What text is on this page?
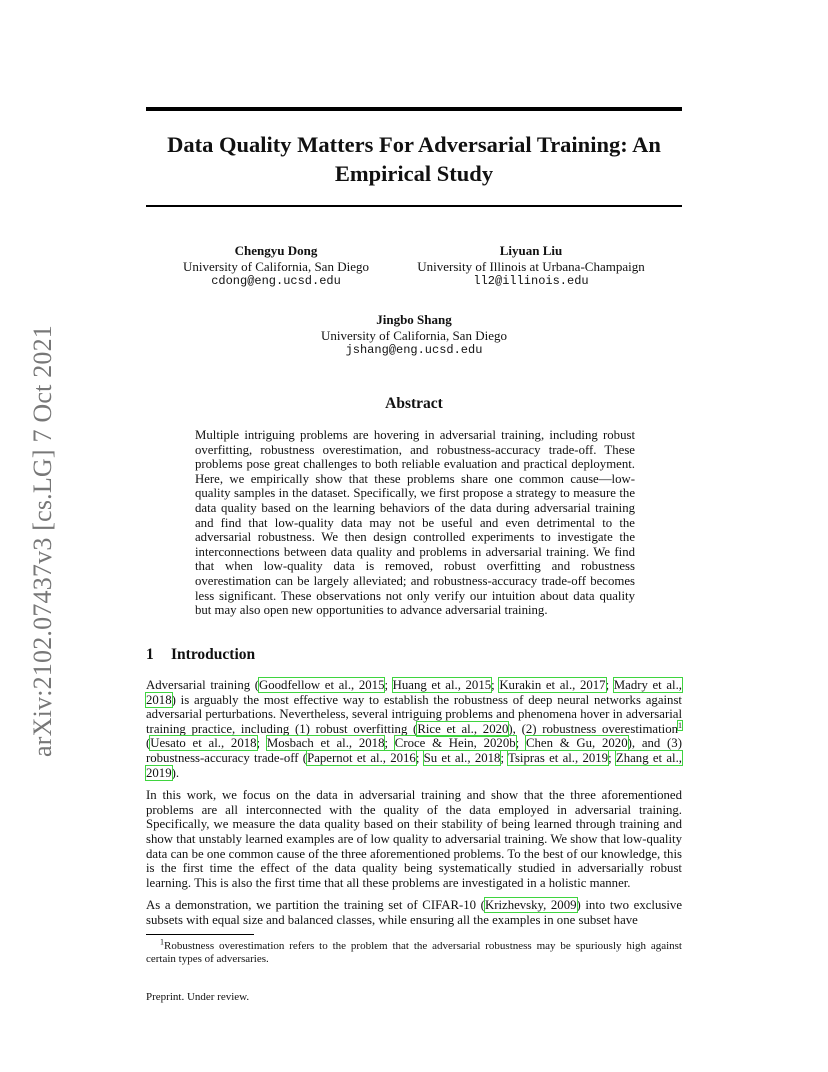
arXiv:2102.07437v3 [cs.LG] 7 Oct 2021
Data Quality Matters For Adversarial Training: An Empirical Study
Chengyu Dong
University of California, San Diego
cdong@eng.ucsd.edu
Liyuan Liu
University of Illinois at Urbana-Champaign
ll2@illinois.edu
Jingbo Shang
University of California, San Diego
jshang@eng.ucsd.edu
Abstract

Multiple intriguing problems are hovering in adversarial training, including robust overfitting, robustness overestimation, and robustness-accuracy trade-off. These problems pose great challenges to both reliable evaluation and practical deployment. Here, we empirically show that these problems share one common cause—low-quality samples in the dataset. Specifically, we first propose a strategy to measure the data quality based on the learning behaviors of the data during adversarial training and find that low-quality data may not be useful and even detrimental to the adversarial robustness. We then design controlled experiments to investigate the interconnections between data quality and problems in adversarial training. We find that when low-quality data is removed, robust overfitting and robustness overestimation can be largely alleviated; and robustness-accuracy trade-off becomes less significant. These observations not only verify our intuition about data quality but may also open new opportunities to advance adversarial training.

1 Introduction

Adversarial training (Goodfellow et al., 2015; Huang et al., 2015; Kurakin et al., 2017; Madry et al., 2018) is arguably the most effective way to establish the robustness of deep neural networks against adversarial perturbations. Nevertheless, several intriguing problems and phenomena hover in adversarial training practice, including (1) robust overfitting (Rice et al., 2020), (2) robustness overestimation$^1$ (Uesato et al., 2018; Mosbach et al., 2018; Croce & Hein, 2020b; Chen & Gu, 2020), and (3) robustness-accuracy trade-off (Papernot et al., 2016; Su et al., 2018; Tsipras et al., 2019; Zhang et al., 2019).

In this work, we focus on the data in adversarial training and show that the three aforementioned problems are all interconnected with the quality of the data employed in adversarial training. Specifically, we measure the data quality based on their stability of being learned through training and show that unstably learned examples are of low quality to adversarial training. We show that low-quality data can be one common cause of the three aforementioned problems. To the best of our knowledge, this is the first time the effect of the data quality being systematically studied in adversarially robust learning. This is also the first time that all these problems are investigated in a holistic manner.

As a demonstration, we partition the training set of CIFAR-10 (Krizhevsky, 2009) into two exclusive subsets with equal size and balanced classes, while ensuring all the examples in one subset have

$^1$Robustness overestimation refers to the problem that the adversarial robustness may be spuriously high against certain types of adversaries.
Preprint. Under review.
